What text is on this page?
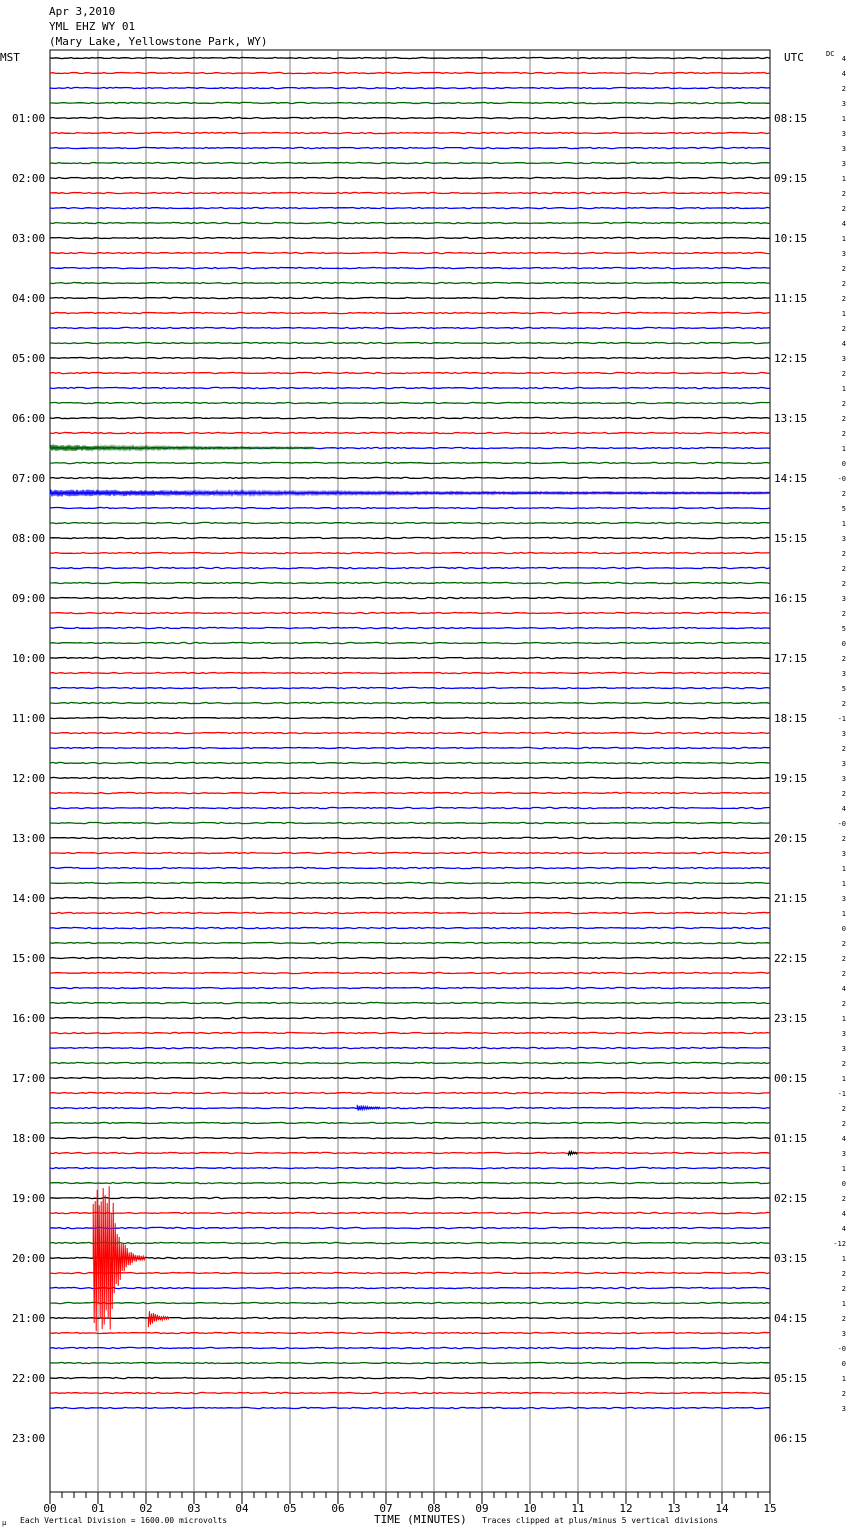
Apr 3,2010
YML EHZ WY 01
(Mary Lake, Yellowstone Park, WY)
MST	UTC	DC
TIME (MINUTES)
Each Vertical Division = 1600.00 microvolts	Traces clipped at plus/minus 5 vertical divisions
μ
00	01	02	03	04	05	06	07	08	09	10	11	12	13	14	15
01:00	08:15
02:00	09:15
03:00	10:15
04:00	11:15
05:00	12:15
06:00	13:15
07:00	14:15
08:00	15:15
09:00	16:15
10:00	17:15
11:00	18:15
12:00	19:15
13:00	20:15
14:00	21:15
15:00	22:15
16:00	23:15
17:00	00:15
18:00	01:15
19:00	02:15
20:00	03:15
21:00	04:15
22:00	05:15
23:00	06:15
4
4
2
3
1
3
3
3
1
2
2
4
1
3
2
2
2
1
2
4
3
2
1
2
2
2
1
0
-0
2
5
1
3
2
2
2
3
2
5
0
2
3
5
2
-1
3
2
3
3
2
4
-0
2
3
1
1
3
1
0
2
2
2
4
2
1
3
3
2
1
-1
2
2
4
3
1
0
2
4
4
-12
1
2
2
1
2
3
-0
0
1
2
3
